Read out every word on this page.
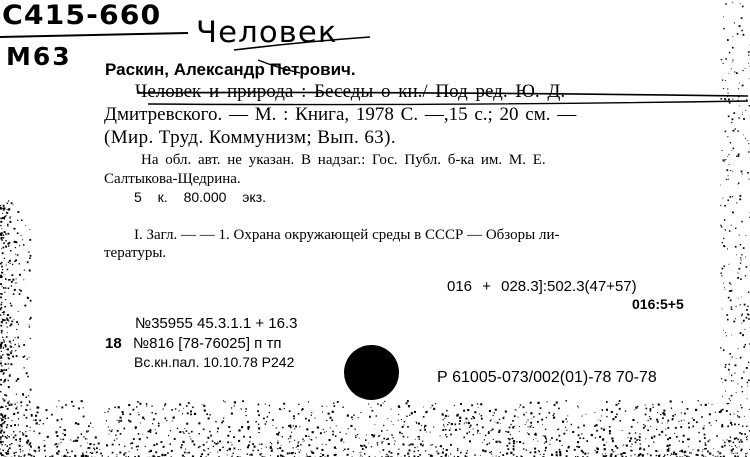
С415-660
М63
Человек
Раскин, Александр Петрович.
Человек и природа : Беседы о кн./ Под ред. Ю. Д.
Дмитревского. — М. : Книга, 1978 С. —,15 с.; 20 см. —
(Мир. Труд. Коммунизм; Вып. 63).
На обл. авт. не указан. В надзаг.: Гос. Публ. б-ка им. М. Е.
Салтыкова-Щедрина.
5 к. 80.000 экз.
I. Загл. — — 1. Охрана окружающей среды в СССР — Обзоры ли-
тературы.
016 + 028.3]:502.3(47+57)
016:5+5
№35955 45.3.1.1 + 16.3
18 №816 [78-76025] п тп
Вс.кн.пал. 10.10.78 Р242
Р 61005-073/002(01)-78 70-78
